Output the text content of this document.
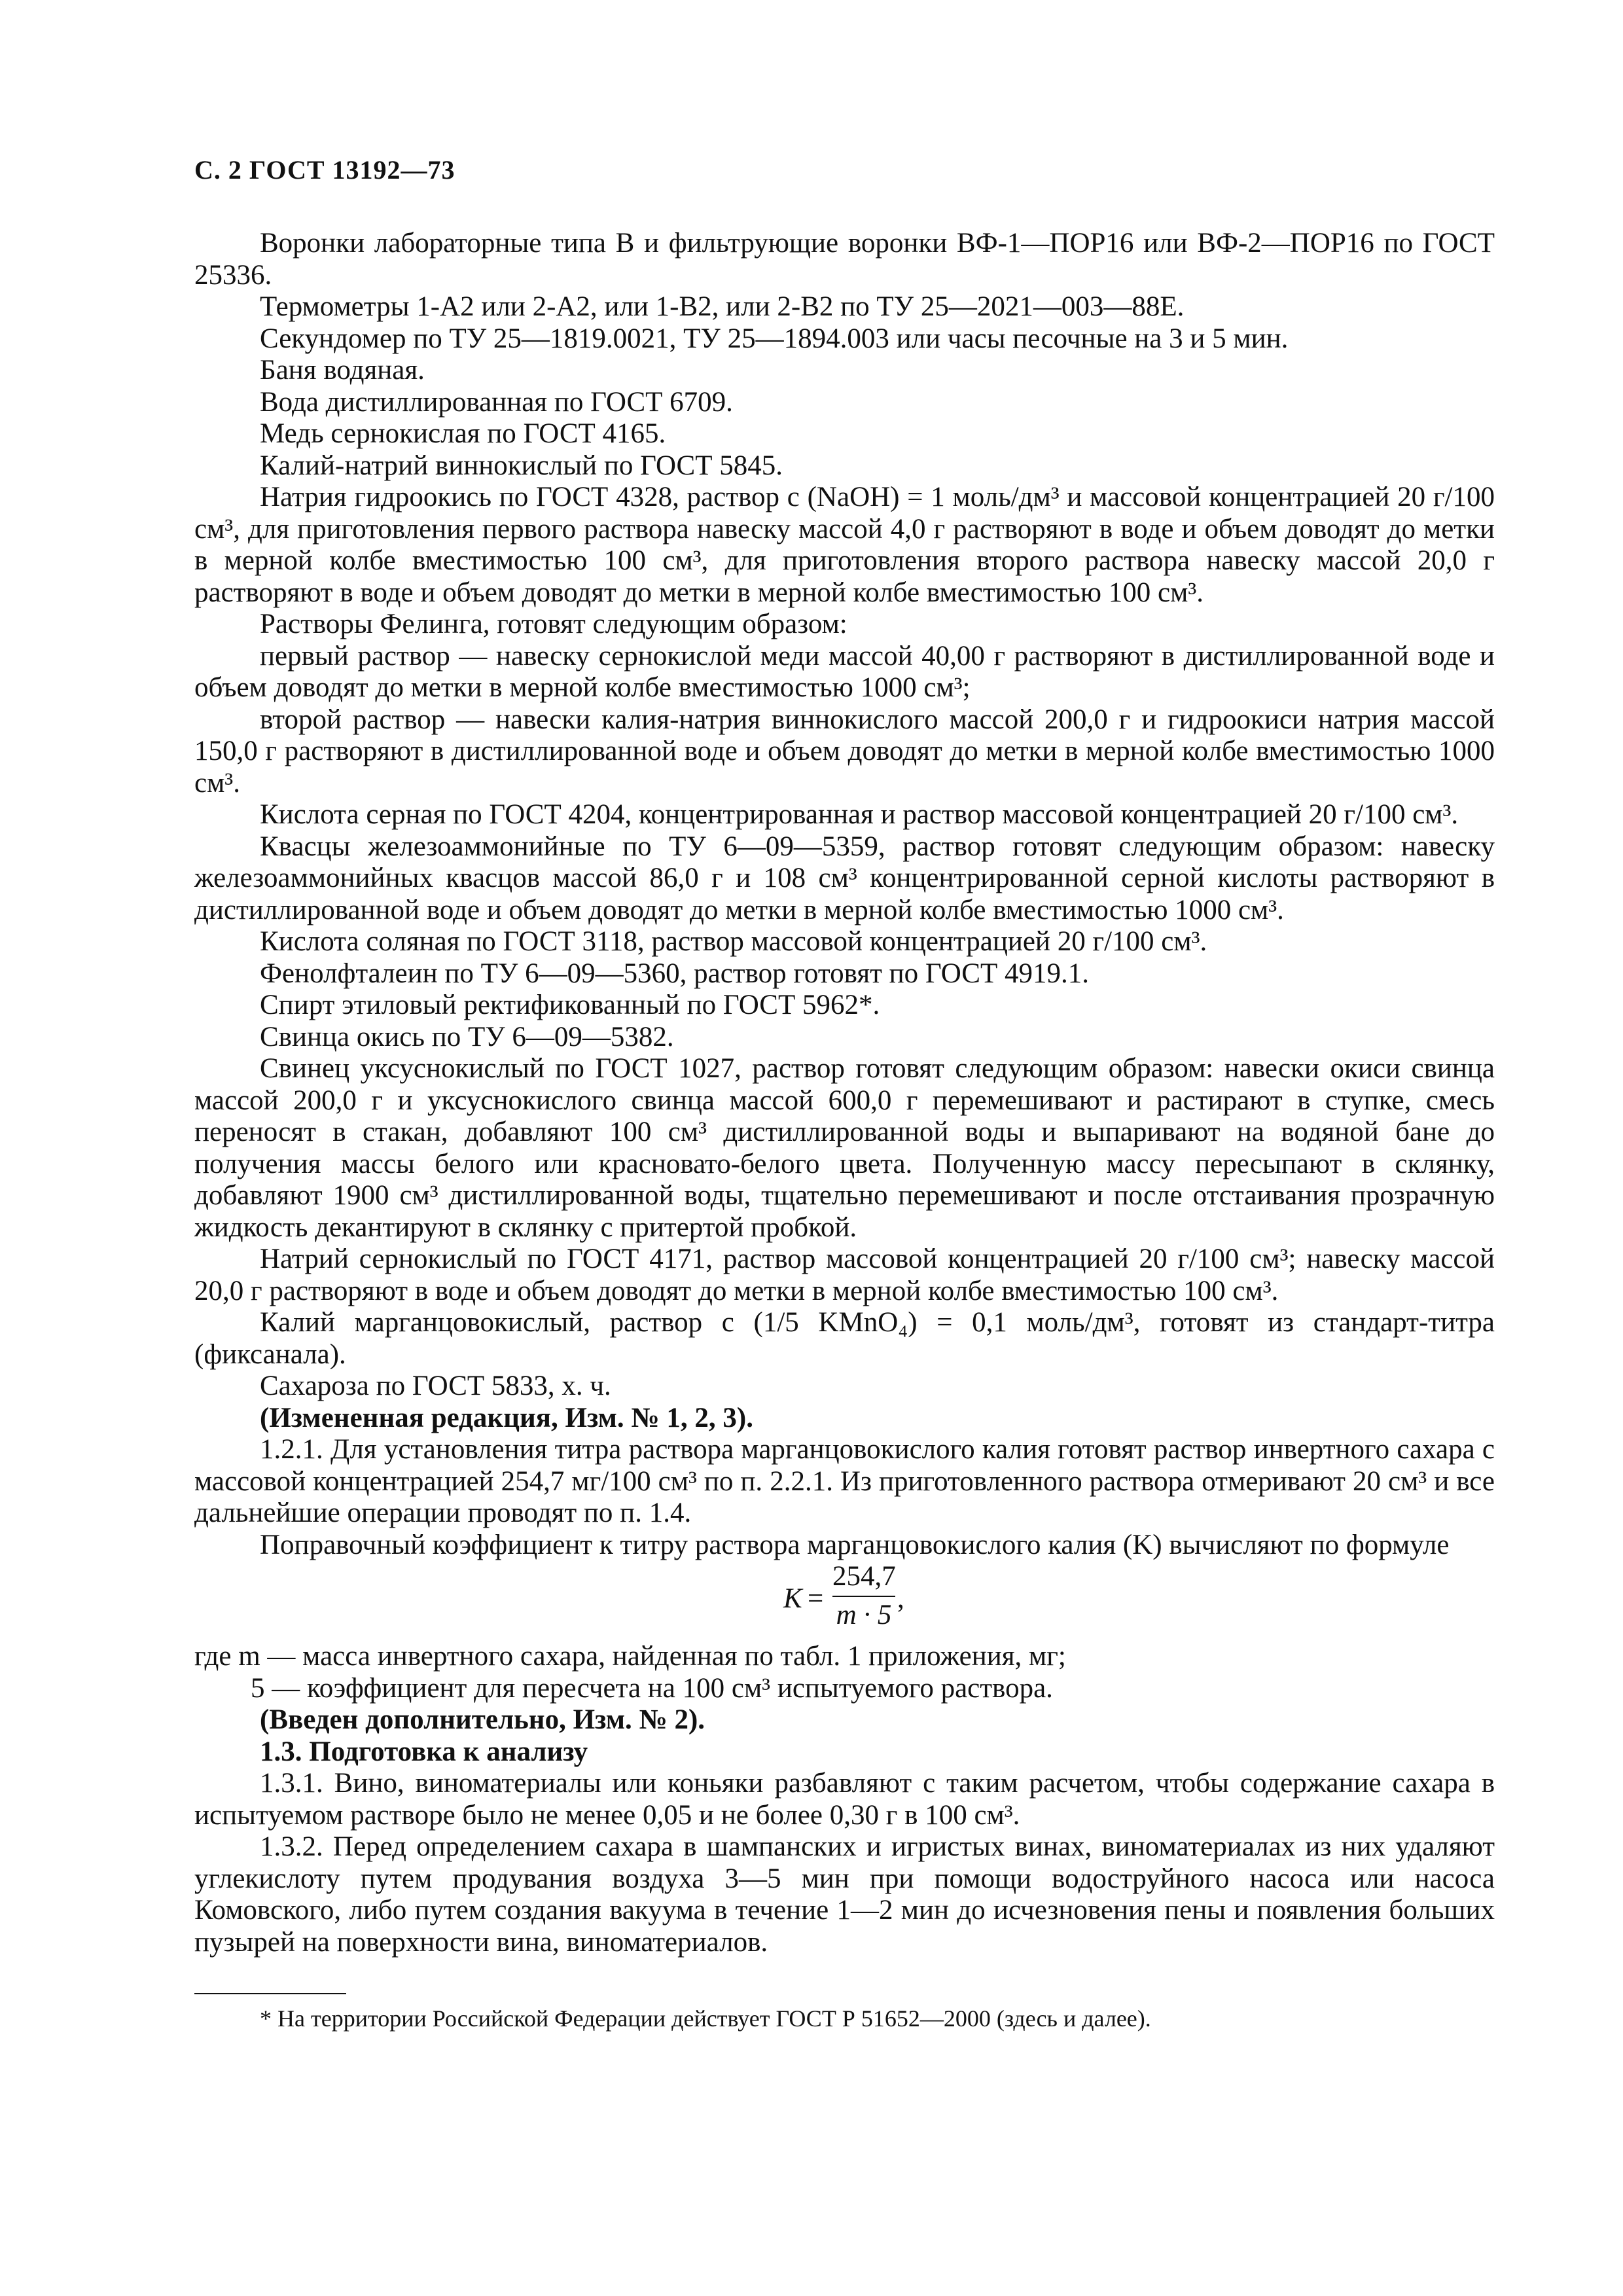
С. 2 ГОСТ 13192—73

Воронки лабораторные типа В и фильтрующие воронки ВФ-1—ПОР16 или ВФ-2—ПОР16 по ГОСТ 25336.

Термометры 1-А2 или 2-А2, или 1-В2, или 2-В2 по ТУ 25—2021—003—88Е.

Секундомер по ТУ 25—1819.0021, ТУ 25—1894.003 или часы песочные на 3 и 5 мин.

Баня водяная.

Вода дистиллированная по ГОСТ 6709.

Медь сернокислая по ГОСТ 4165.

Калий-натрий виннокислый по ГОСТ 5845.

Натрия гидроокись по ГОСТ 4328, раствор c (NaOH) = 1 моль/дм³ и массовой концентрацией 20 г/100 см³, для приготовления первого раствора навеску массой 4,0 г растворяют в воде и объем доводят до метки в мерной колбе вместимостью 100 см³, для приготовления второго раствора навеску массой 20,0 г растворяют в воде и объем доводят до метки в мерной колбе вместимостью 100 см³.

Растворы Фелинга, готовят следующим образом:

первый раствор — навеску сернокислой меди массой 40,00 г растворяют в дистиллированной воде и объем доводят до метки в мерной колбе вместимостью 1000 см³;

второй раствор — навески калия-натрия виннокислого массой 200,0 г и гидроокиси натрия массой 150,0 г растворяют в дистиллированной воде и объем доводят до метки в мерной колбе вместимостью 1000 см³.

Кислота серная по ГОСТ 4204, концентрированная и раствор массовой концентрацией 20 г/100 см³.

Квасцы железоаммонийные по ТУ 6—09—5359, раствор готовят следующим образом: навеску железоаммонийных квасцов массой 86,0 г и 108 см³ концентрированной серной кислоты растворяют в дистиллированной воде и объем доводят до метки в мерной колбе вместимостью 1000 см³.

Кислота соляная по ГОСТ 3118, раствор массовой концентрацией 20 г/100 см³.

Фенолфталеин по ТУ 6—09—5360, раствор готовят по ГОСТ 4919.1.

Спирт этиловый ректификованный по ГОСТ 5962*.

Свинца окись по ТУ 6—09—5382.

Свинец уксуснокислый по ГОСТ 1027, раствор готовят следующим образом: навески окиси свинца массой 200,0 г и уксуснокислого свинца массой 600,0 г перемешивают и растирают в ступке, смесь переносят в стакан, добавляют 100 см³ дистиллированной воды и выпаривают на водяной бане до получения массы белого или красновато-белого цвета. Полученную массу пересыпают в склянку, добавляют 1900 см³ дистиллированной воды, тщательно перемешивают и после отстаивания прозрачную жидкость декантируют в склянку с притертой пробкой.

Натрий сернокислый по ГОСТ 4171, раствор массовой концентрацией 20 г/100 см³; навеску массой 20,0 г растворяют в воде и объем доводят до метки в мерной колбе вместимостью 100 см³.

Калий марганцовокислый, раствор c (1/5 KMnO₄) = 0,1 моль/дм³, готовят из стандарт-титра (фиксанала).

Сахароза по ГОСТ 5833, х. ч.

(Измененная редакция, Изм. № 1, 2, 3).

1.2.1. Для установления титра раствора марганцовокислого калия готовят раствор инвертного сахара с массовой концентрацией 254,7 мг/100 см³ по п. 2.2.1. Из приготовленного раствора отмеривают 20 см³ и все дальнейшие операции проводят по п. 1.4.

Поправочный коэффициент к титру раствора марганцовокислого калия (K) вычисляют по формуле

K =
254,7
m · 5
,

где m — масса инвертного сахара, найденная по табл. 1 приложения, мг;

5 — коэффициент для пересчета на 100 см³ испытуемого раствора.

(Введен дополнительно, Изм. № 2).

1.3. Подготовка к анализу

1.3.1. Вино, виноматериалы или коньяки разбавляют с таким расчетом, чтобы содержание сахара в испытуемом растворе было не менее 0,05 и не более 0,30 г в 100 см³.

1.3.2. Перед определением сахара в шампанских и игристых винах, виноматериалах из них удаляют углекислоту путем продувания воздуха 3—5 мин при помощи водоструйного насоса или насоса Комовского, либо путем создания вакуума в течение 1—2 мин до исчезновения пены и появления больших пузырей на поверхности вина, виноматериалов.

* На территории Российской Федерации действует ГОСТ Р 51652—2000 (здесь и далее).
